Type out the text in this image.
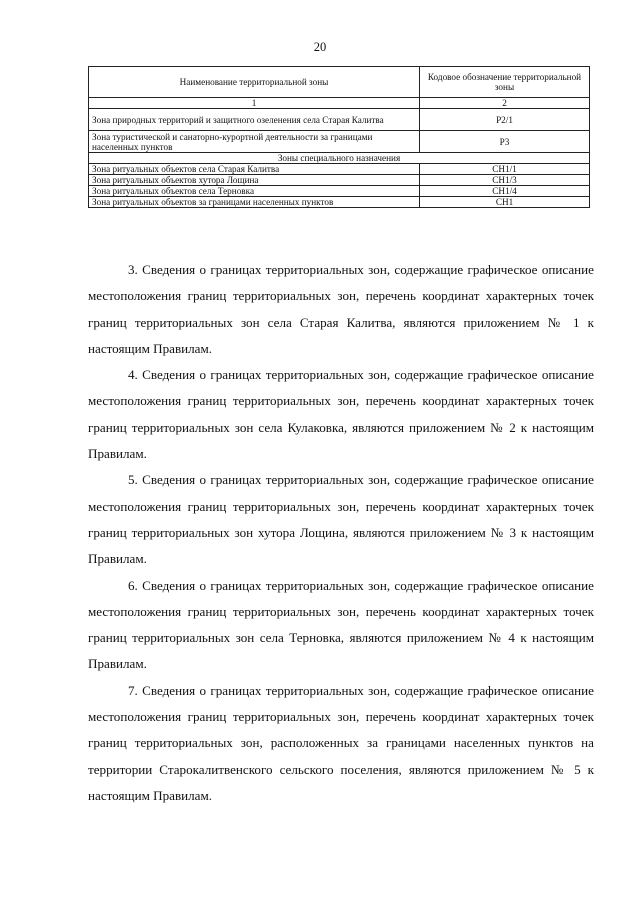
20
Наименование территориальной зоны	Кодовое обозначение территориальной зоны
1	2
Зона природных территорий и защитного озеленения села Старая Калитва	Р2/1
Зона туристической и санаторно-курортной деятельности за границами населенных пунктов	Р3
Зоны специального назначения	
Зона ритуальных объектов села Старая Калитва	СН1/1
Зона ритуальных объектов хутора Лощина	СН1/3
Зона ритуальных объектов села Терновка	СН1/4
Зона ритуальных объектов за границами населенных пунктов	СН1

3. Сведения о границах территориальных зон, содержащие графическое описание местоположения границ территориальных зон, перечень координат характерных точек границ территориальных зон села Старая Калитва, являются приложением № 1 к настоящим Правилам.

4. Сведения о границах территориальных зон, содержащие графическое описание местоположения границ территориальных зон, перечень координат характерных точек границ территориальных зон села Кулаковка, являются приложением № 2 к настоящим Правилам.

5. Сведения о границах территориальных зон, содержащие графическое описание местоположения границ территориальных зон, перечень координат характерных точек границ территориальных зон хутора Лощина, являются приложением № 3 к настоящим Правилам.

6. Сведения о границах территориальных зон, содержащие графическое описание местоположения границ территориальных зон, перечень координат характерных точек границ территориальных зон села Терновка, являются приложением № 4 к настоящим Правилам.

7. Сведения о границах территориальных зон, содержащие графическое описание местоположения границ территориальных зон, перечень координат характерных точек границ территориальных зон, расположенных за границами населенных пунктов на территории Старокалитвенского сельского поселения, являются приложением № 5 к настоящим Правилам.
